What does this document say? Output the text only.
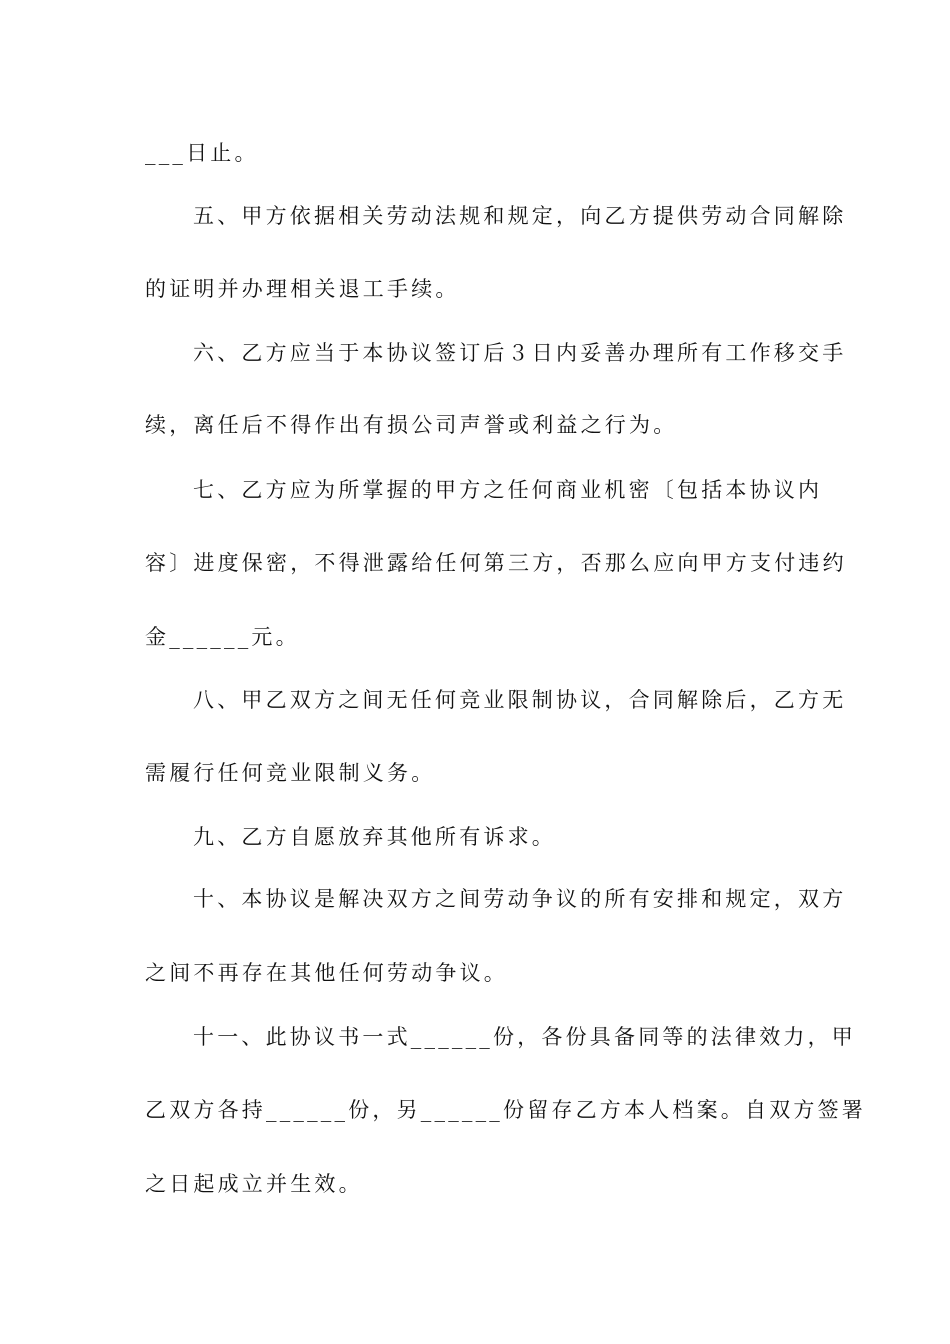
___日止。
五、甲方依据相关劳动法规和规定，向乙方提供劳动合同解除
的证明并办理相关退工手续。
六、乙方应当于本协议签订后３日内妥善办理所有工作移交手
续，离任后不得作出有损公司声誉或利益之行为。
七、乙方应为所掌握的甲方之任何商业机密〔包括本协议内
容〕进度保密，不得泄露给任何第三方，否那么应向甲方支付违约
金______元。
八、甲乙双方之间无任何竞业限制协议，合同解除后，乙方无
需履行任何竞业限制义务。
九、乙方自愿放弃其他所有诉求。
十、本协议是解决双方之间劳动争议的所有安排和规定，双方
之间不再存在其他任何劳动争议。
十一、此协议书一式______份，各份具备同等的法律效力，甲
乙双方各持______份，另______份留存乙方本人档案。自双方签署
之日起成立并生效。
